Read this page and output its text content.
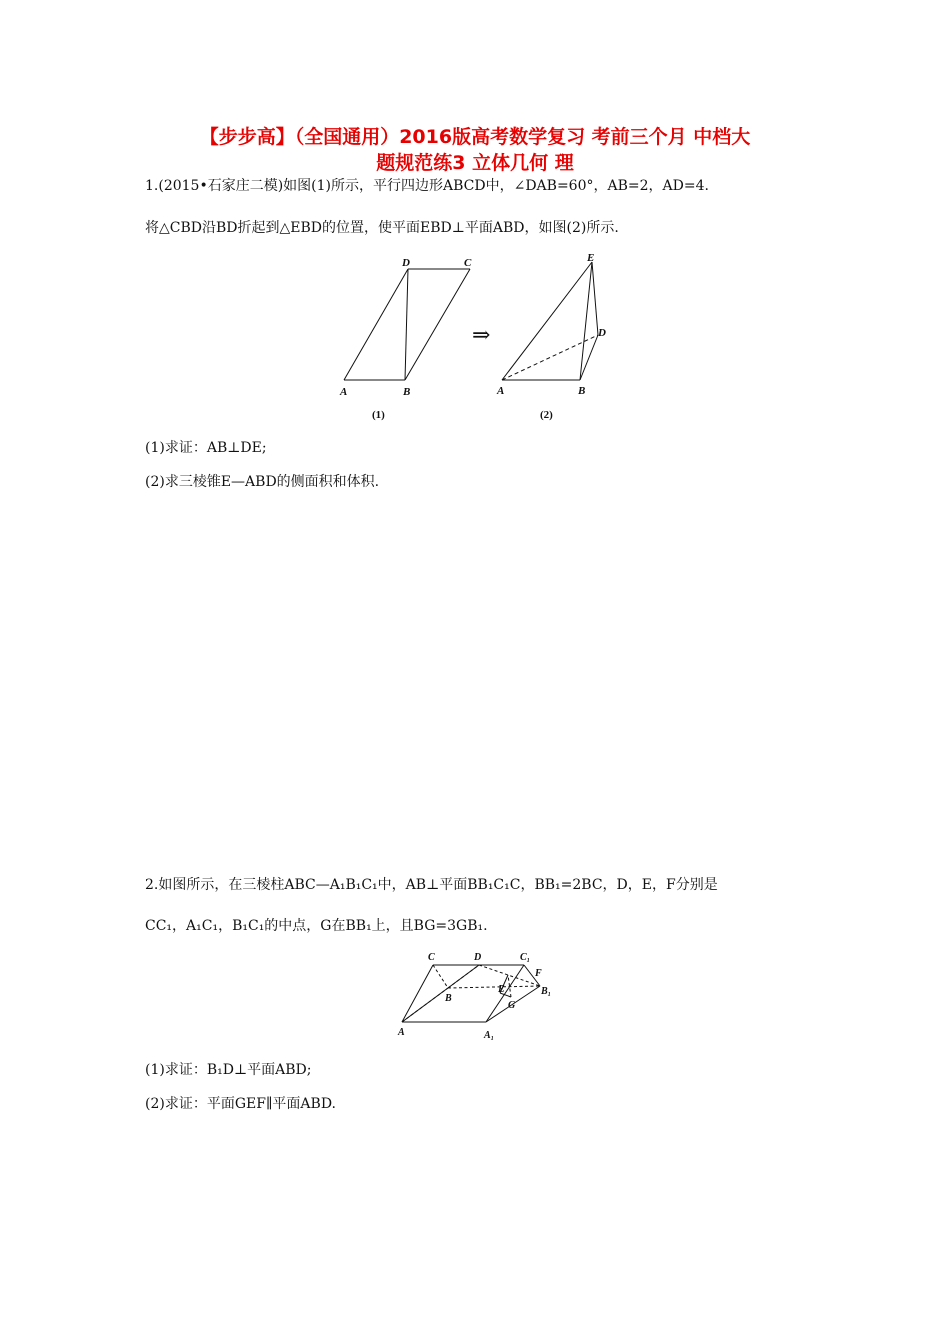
【步步高】（全国通用）2016版高考数学复习 考前三个月 中档大
题规范练3 立体几何 理
1.(2015•石家庄二模)如图(1)所示，平行四边形ABCD中，∠DAB=60°，AB=2，AD=4.
将△CBD沿BD折起到△EBD的位置，使平面EBD⊥平面ABD，如图(2)所示.
A	B
C
D
(1)
⇒
A	B
D
E
(2)
(1)求证：AB⊥DE;
(2)求三棱锥E—ABD的侧面积和体积.
2.如图所示，在三棱柱ABC—A₁B₁C₁中，AB⊥平面BB₁C₁C，BB₁=2BC，D，E，F分别是
CC₁，A₁C₁，B₁C₁的中点，G在BB₁上，且BG=3GB₁.
C	D	C₁
F
E	B₁
B
G
A	A₁
(1)求证：B₁D⊥平面ABD;
(2)求证：平面GEF∥平面ABD.
